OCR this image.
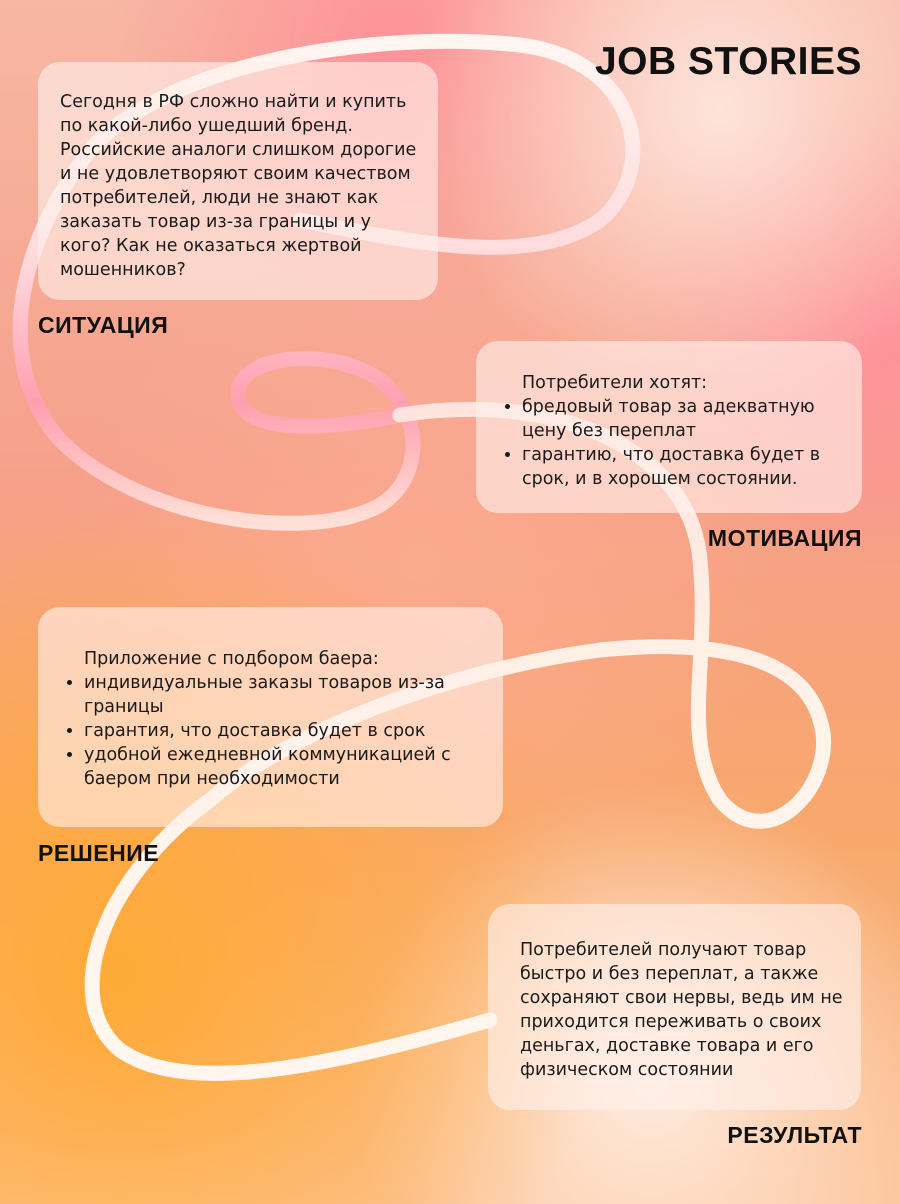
JOB STORIES

Сегодня в РФ сложно найти и купить по какой-либо ушедший бренд. Российские аналоги слишком дорогие и не удовлетворяют своим качеством потребителей, люди не знают как заказать товар из-за границы и у кого? Как не оказаться жертвой мошенников?

СИТУАЦИЯ

Потребители хотят:

• бредовый товар за адекватную цену без переплат
• гарантию, что доставка будет в срок, и в хорошем состоянии.
МОТИВАЦИЯ

Приложение с подбором баера:

• индивидуальные заказы товаров из-за границы
• гарантия, что доставка будет в срок
• удобной ежедневной коммуникацией с баером при необходимости
РЕШЕНИЕ

Потребителей получают товар быстро и без переплат, а также сохраняют свои нервы, ведь им не приходится переживать о своих деньгах, доставке товара и его физическом состоянии

РЕЗУЛЬТАТ
